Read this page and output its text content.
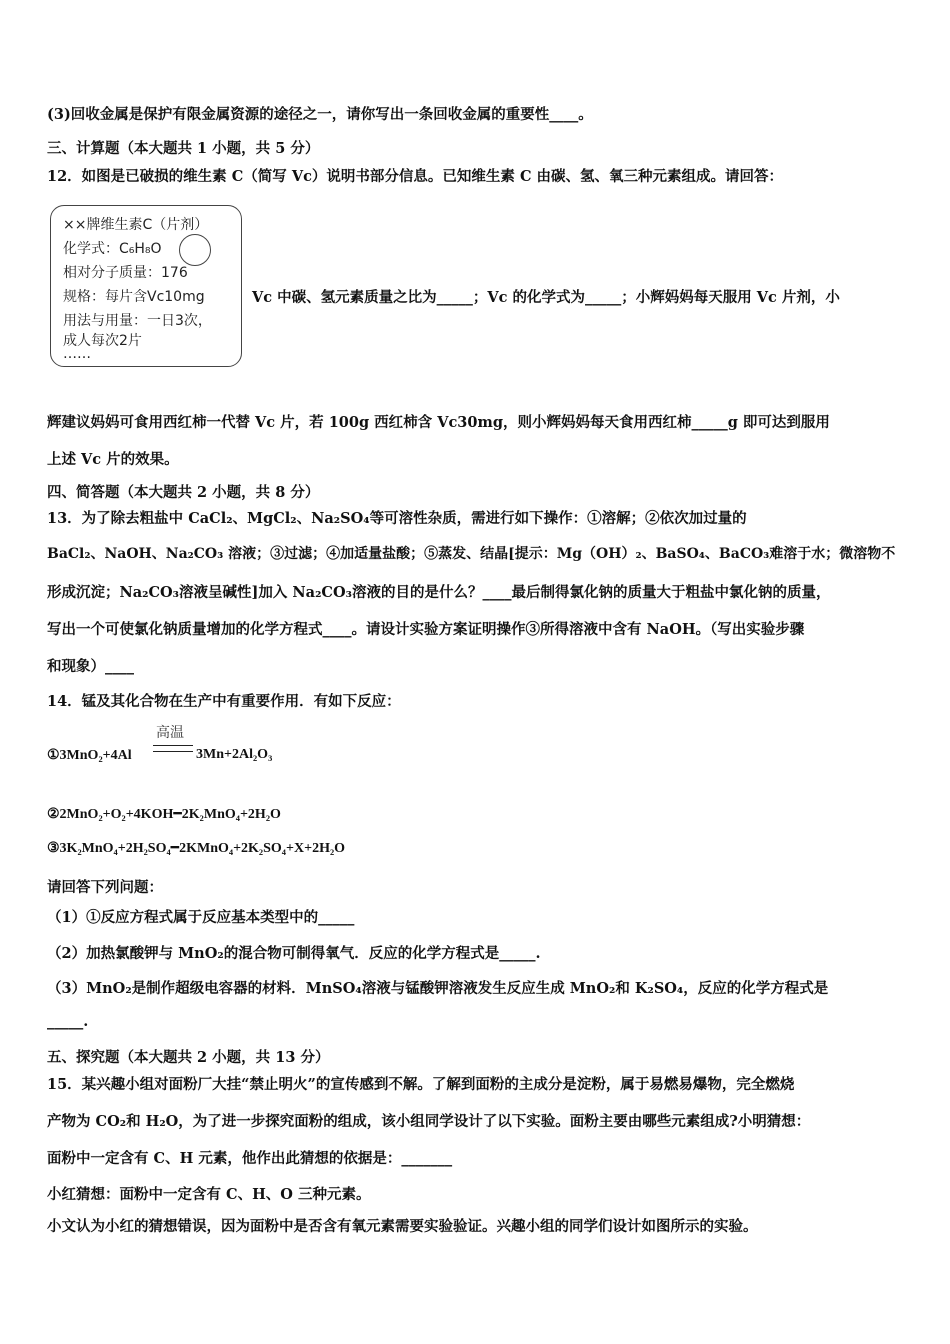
(3)回收金属是保护有限金属资源的途径之一，请你写出一条回收金属的重要性____。
三、计算题（本大题共 1 小题，共 5 分）
12．如图是已破损的维生素 C（简写 Vc）说明书部分信息。已知维生素 C 由碳、氢、氧三种元素组成。请回答：
××牌维生素C（片剂）
化学式：C₆H₈O
相对分子质量：176
规格：每片含Vc10mg
用法与用量：一日3次，
成人每次2片
……
Vc 中碳、氢元素质量之比为_____；Vc 的化学式为_____；小辉妈妈每天服用 Vc 片剂，小
辉建议妈妈可食用西红柿一代替 Vc 片，若 100g 西红柿含 Vc30mg，则小辉妈妈每天食用西红柿_____g 即可达到服用
上述 Vc 片的效果。
四、简答题（本大题共 2 小题，共 8 分）
13．为了除去粗盐中 CaCl₂、MgCl₂、Na₂SO₄等可溶性杂质，需进行如下操作：①溶解；②依次加过量的
BaCl₂、NaOH、Na₂CO₃ 溶液；③过滤；④加适量盐酸；⑤蒸发、结晶[提示：Mg（OH）₂、BaSO₄、BaCO₃难溶于水；微溶物不
形成沉淀；Na₂CO₃溶液呈碱性]加入 Na₂CO₃溶液的目的是什么？____最后制得氯化钠的质量大于粗盐中氯化钠的质量，
写出一个可使氯化钠质量增加的化学方程式____。请设计实验方案证明操作③所得溶液中含有 NaOH。（写出实验步骤
和现象）____
14．锰及其化合物在生产中有重要作用．有如下反应：
①3MnO₂+4Al
高温
3Mn+2Al₂O₃
②2MnO₂+O₂+4KOH━2K₂MnO₄+2H₂O
③3K₂MnO₄+2H₂SO₄━2KMnO₄+2K₂SO₄+X+2H₂O
请回答下列问题：
（1）①反应方程式属于反应基本类型中的_____
（2）加热氯酸钾与 MnO₂的混合物可制得氧气．反应的化学方程式是_____.
（3）MnO₂是制作超级电容器的材料．MnSO₄溶液与锰酸钾溶液发生反应生成 MnO₂和 K₂SO₄，反应的化学方程式是
_____.
五、探究题（本大题共 2 小题，共 13 分）
15．某兴趣小组对面粉厂大挂“禁止明火”的宣传感到不解。了解到面粉的主成分是淀粉，属于易燃易爆物，完全燃烧
产物为 CO₂和 H₂O，为了进一步探究面粉的组成，该小组同学设计了以下实验。面粉主要由哪些元素组成?小明猜想：
面粉中一定含有 C、H 元素，他作出此猜想的依据是：_______
小红猜想：面粉中一定含有 C、H、O 三种元素。
小文认为小红的猜想错误，因为面粉中是否含有氧元素需要实验验证。兴趣小组的同学们设计如图所示的实验。
